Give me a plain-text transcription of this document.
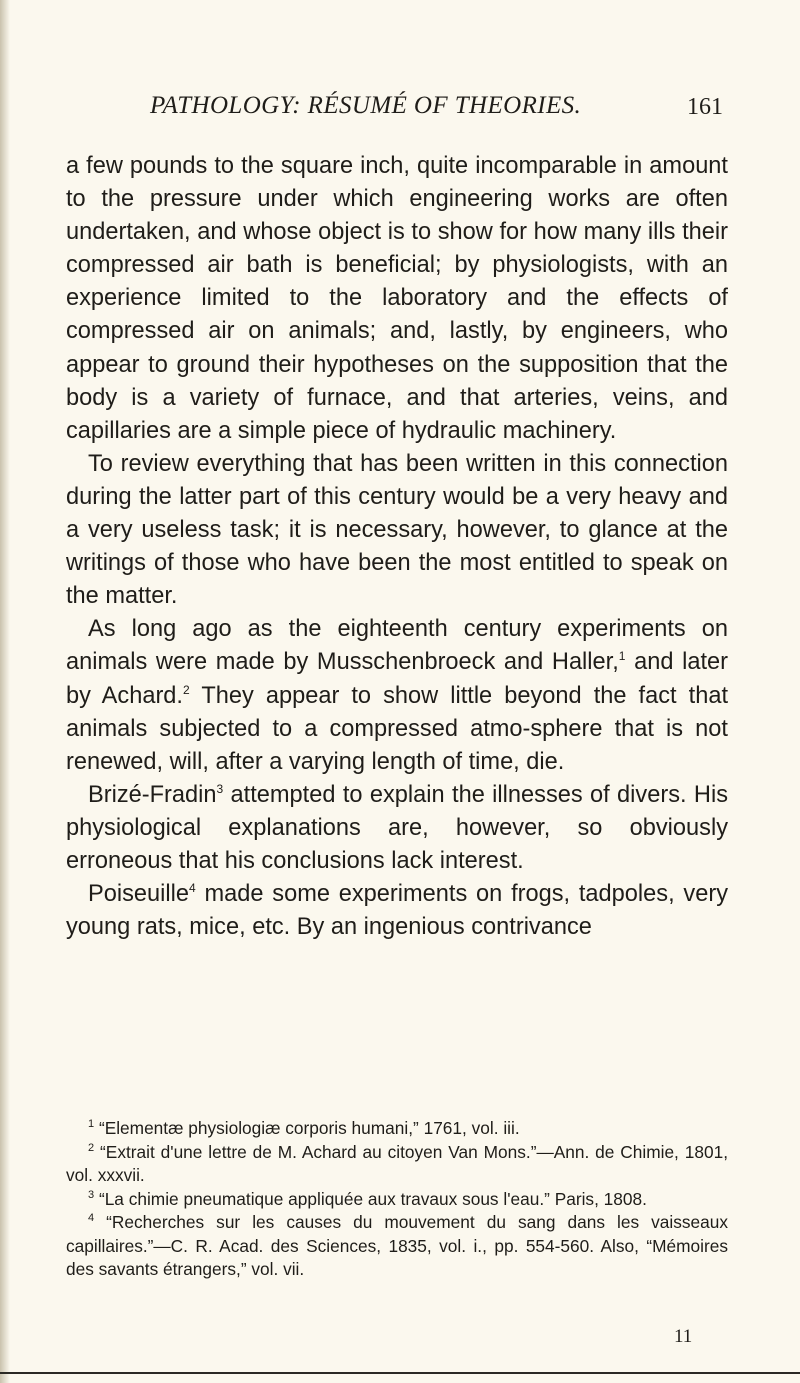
PATHOLOGY: RÉSUMÉ OF THEORIES.	161

a few pounds to the square inch, quite incomparable in amount to the pressure under which engineering works are often undertaken, and whose object is to show for how many ills their compressed air bath is beneficial; by physiologists, with an experience limited to the laboratory and the effects of compressed air on animals; and, lastly, by engineers, who appear to ground their hypotheses on the supposition that the body is a variety of furnace, and that arteries, veins, and capillaries are a simple piece of hydraulic machinery.

To review everything that has been written in this connection during the latter part of this century would be a very heavy and a very useless task; it is necessary, however, to glance at the writings of those who have been the most entitled to speak on the matter.

As long ago as the eighteenth century experiments on animals were made by Musschenbroeck and Haller,$^1$ and later by Achard.$^2$ They appear to show little beyond the fact that animals subjected to a compressed atmo-sphere that is not renewed, will, after a varying length of time, die.

Brizé-Fradin$^3$ attempted to explain the illnesses of divers. His physiological explanations are, however, so obviously erroneous that his conclusions lack interest.

Poiseuille$^4$ made some experiments on frogs, tadpoles, very young rats, mice, etc. By an ingenious contrivance

$^1$ “Elementæ physiologiæ corporis humani,” 1761, vol. iii.

$^2$ “Extrait d'une lettre de M. Achard au citoyen Van Mons.”—Ann. de Chimie, 1801, vol. xxxvii.

$^3$ “La chimie pneumatique appliquée aux travaux sous l'eau.” Paris, 1808.

$^4$ “Recherches sur les causes du mouvement du sang dans les vaisseaux capillaires.”—C. R. Acad. des Sciences, 1835, vol. i., pp. 554-560. Also, “Mémoires des savants étrangers,” vol. vii.

11
